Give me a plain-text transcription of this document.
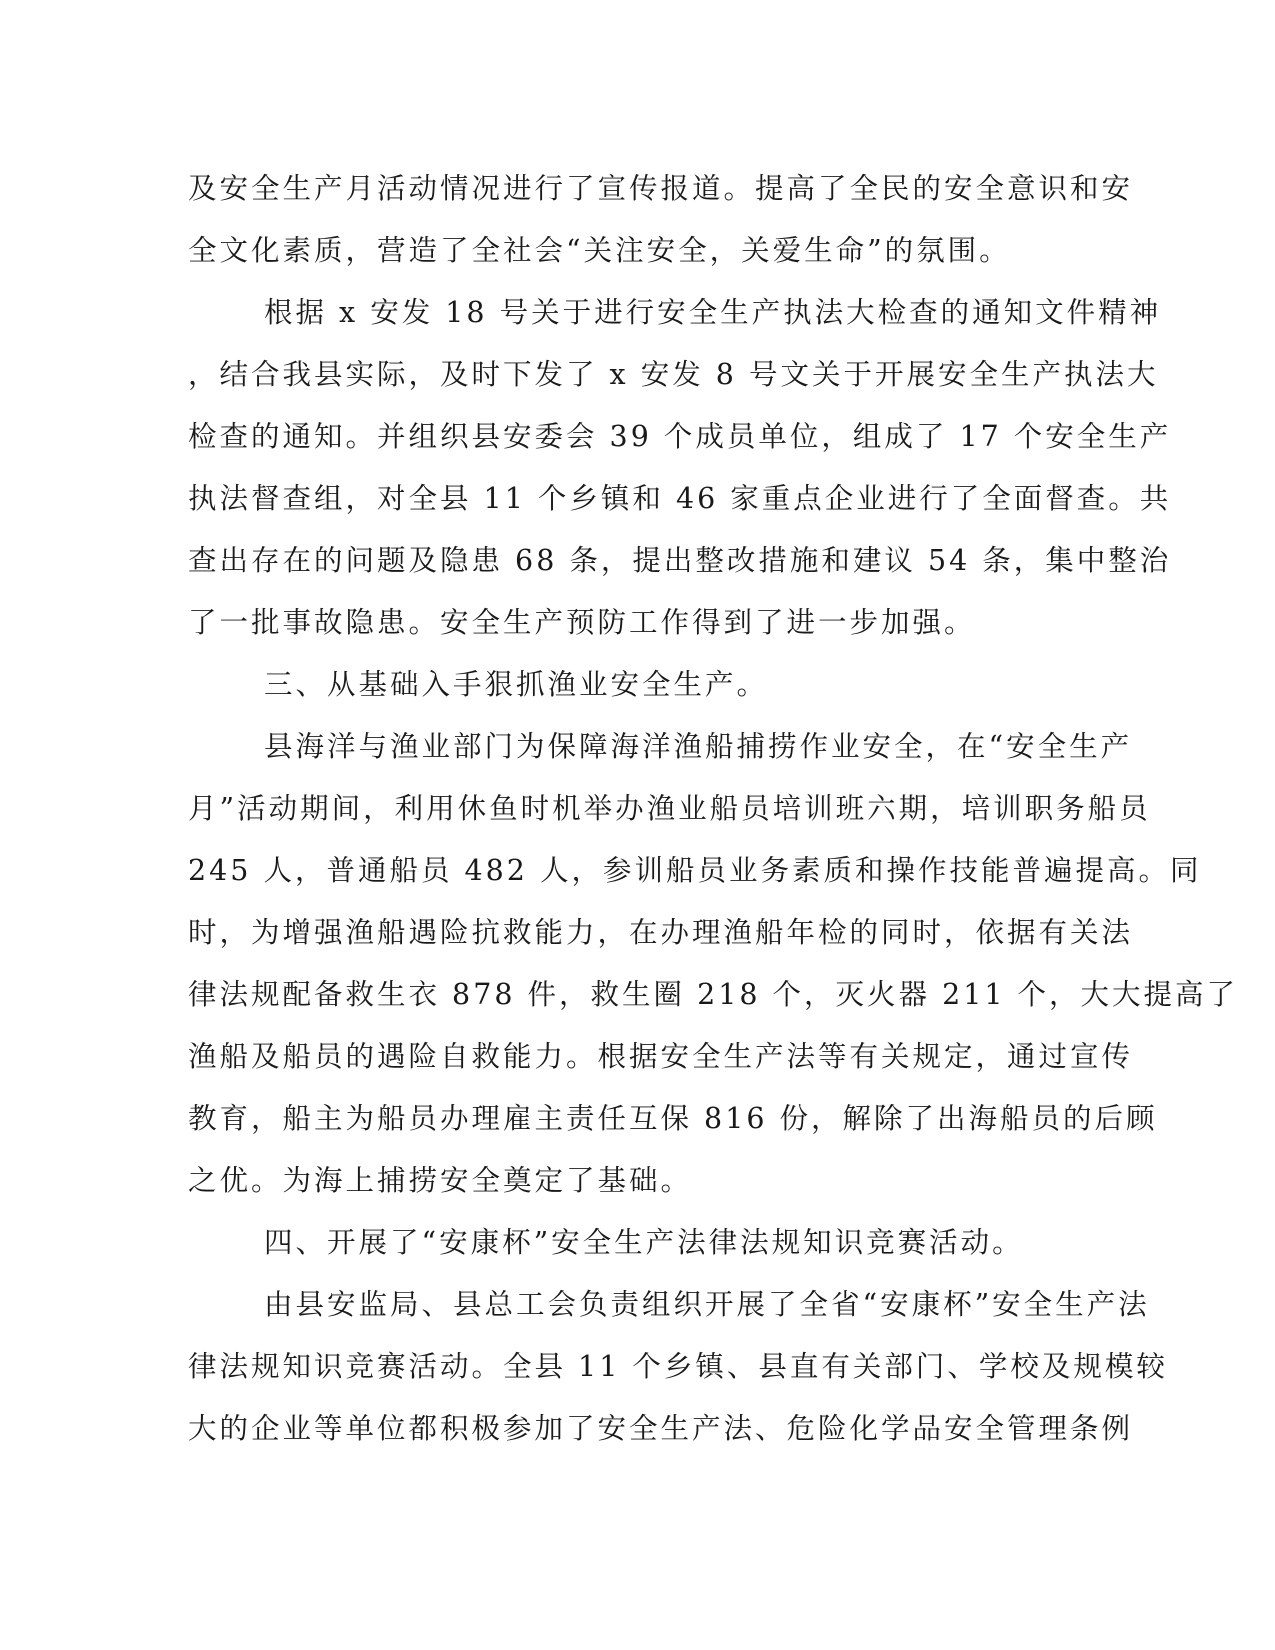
及安全生产月活动情况进行了宣传报道。提高了全民的安全意识和安
全文化素质，营造了全社会“关注安全，关爱生命”的氛围。
根据 x 安发 18 号关于进行安全生产执法大检查的通知文件精神
，结合我县实际，及时下发了 x 安发 8 号文关于开展安全生产执法大
检查的通知。并组织县安委会 39 个成员单位，组成了 17 个安全生产
执法督查组，对全县 11 个乡镇和 46 家重点企业进行了全面督查。共
查出存在的问题及隐患 68 条，提出整改措施和建议 54 条，集中整治
了一批事故隐患。安全生产预防工作得到了进一步加强。
三、从基础入手狠抓渔业安全生产。
县海洋与渔业部门为保障海洋渔船捕捞作业安全，在“安全生产
月”活动期间，利用休鱼时机举办渔业船员培训班六期，培训职务船员
245 人，普通船员 482 人，参训船员业务素质和操作技能普遍提高。同
时，为增强渔船遇险抗救能力，在办理渔船年检的同时，依据有关法
律法规配备救生衣 878 件，救生圈 218 个，灭火器 211 个，大大提高了
渔船及船员的遇险自救能力。根据安全生产法等有关规定，通过宣传
教育，船主为船员办理雇主责任互保 816 份，解除了出海船员的后顾
之优。为海上捕捞安全奠定了基础。
四、开展了“安康杯”安全生产法律法规知识竞赛活动。
由县安监局、县总工会负责组织开展了全省“安康杯”安全生产法
律法规知识竞赛活动。全县 11 个乡镇、县直有关部门、学校及规模较
大的企业等单位都积极参加了安全生产法、危险化学品安全管理条例
